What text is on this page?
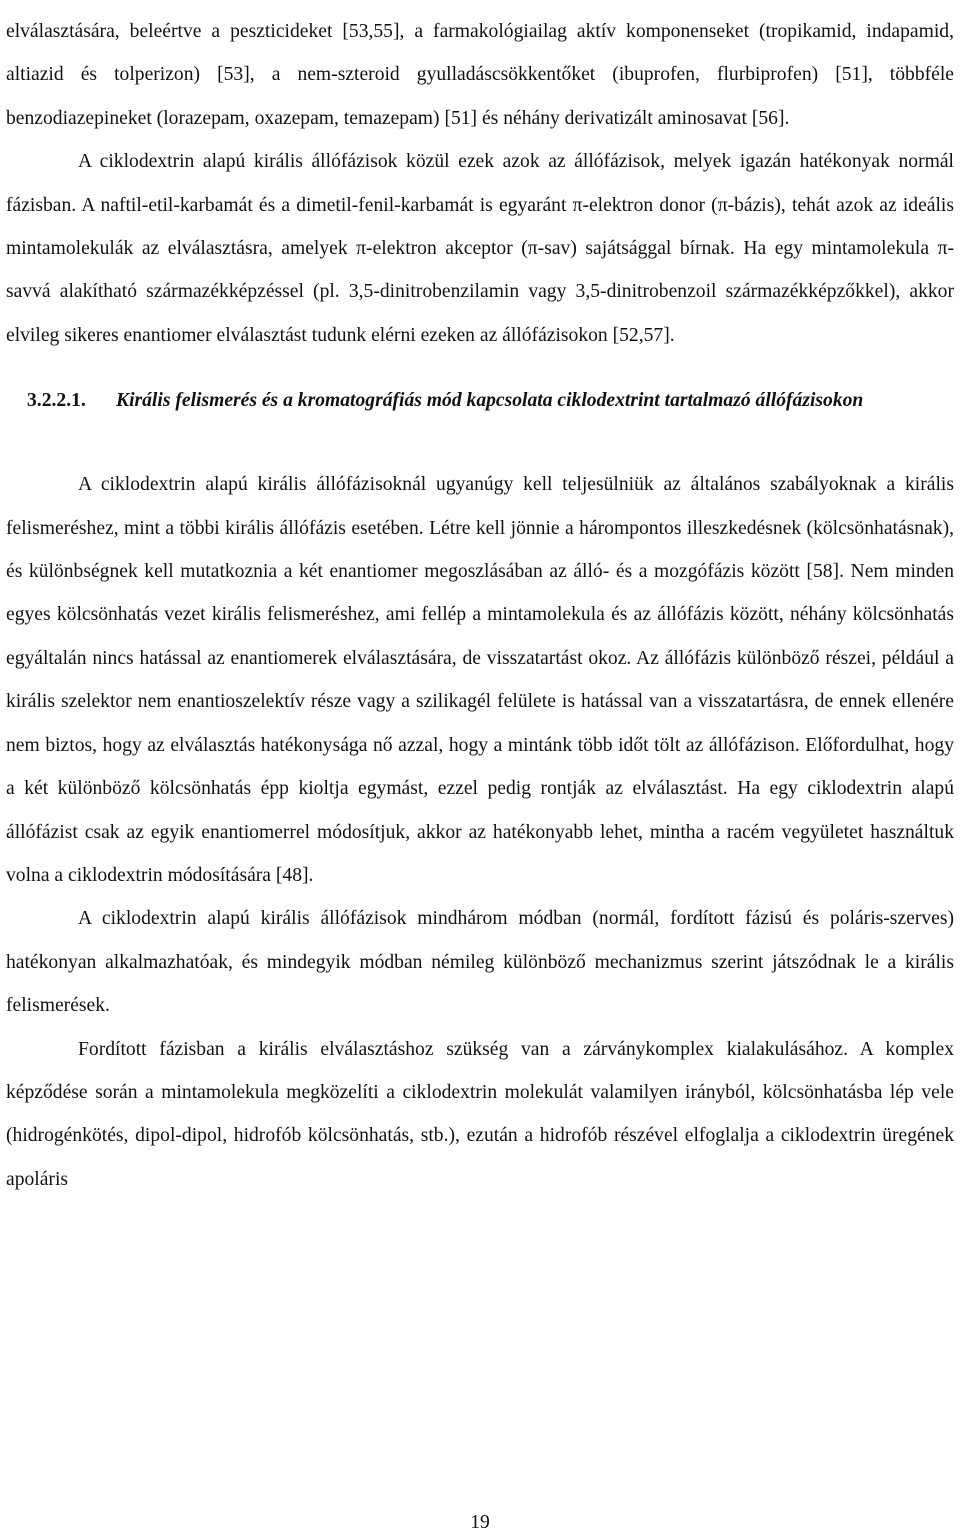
elválasztására, beleértve a peszticideket [53,55], a farmakológiailag aktív komponenseket (tropikamid, indapamid, altiazid és tolperizon) [53], a nem-szteroid gyulladáscsökkentőket (ibuprofen, flurbiprofen) [51], többféle benzodiazepineket (lorazepam, oxazepam, temazepam) [51] és néhány derivatizált aminosavat [56].

A ciklodextrin alapú királis állófázisok közül ezek azok az állófázisok, melyek igazán hatékonyak normál fázisban. A naftil-etil-karbamát és a dimetil-fenil-karbamát is egyaránt π-elektron donor (π-bázis), tehát azok az ideális mintamolekulák az elválasztásra, amelyek π-elektron akceptor (π-sav) sajátsággal bírnak. Ha egy mintamolekula π-savvá alakítható származékképzéssel (pl. 3,5-dinitrobenzilamin vagy 3,5-dinitrobenzoil származékképzőkkel), akkor elvileg sikeres enantiomer elválasztást tudunk elérni ezeken az állófázisokon [52,57].

3.2.2.1.	Királis felismerés és a kromatográfiás mód kapcsolata ciklodextrint tartalmazó állófázisokon

A ciklodextrin alapú királis állófázisoknál ugyanúgy kell teljesülniük az általános szabályoknak a királis felismeréshez, mint a többi királis állófázis esetében. Létre kell jönnie a hárompontos illeszkedésnek (kölcsönhatásnak), és különbségnek kell mutatkoznia a két enantiomer megoszlásában az álló- és a mozgófázis között [58]. Nem minden egyes kölcsönhatás vezet királis felismeréshez, ami fellép a mintamolekula és az állófázis között, néhány kölcsönhatás egyáltalán nincs hatással az enantiomerek elválasztására, de visszatartást okoz. Az állófázis különböző részei, például a királis szelektor nem enantioszelektív része vagy a szilikagél felülete is hatással van a visszatartásra, de ennek ellenére nem biztos, hogy az elválasztás hatékonysága nő azzal, hogy a mintánk több időt tölt az állófázison. Előfordulhat, hogy a két különböző kölcsönhatás épp kioltja egymást, ezzel pedig rontják az elválasztást. Ha egy ciklodextrin alapú állófázist csak az egyik enantiomerrel módosítjuk, akkor az hatékonyabb lehet, mintha a racém vegyületet használtuk volna a ciklodextrin módosítására [48].

A ciklodextrin alapú királis állófázisok mindhárom módban (normál, fordított fázisú és poláris-szerves) hatékonyan alkalmazhatóak, és mindegyik módban némileg különböző mechanizmus szerint játszódnak le a királis felismerések.

Fordított fázisban a királis elválasztáshoz szükség van a zárványkomplex kialakulásához. A komplex képződése során a mintamolekula megközelíti a ciklodextrin molekulát valamilyen irányból, kölcsönhatásba lép vele (hidrogénkötés, dipol-dipol, hidrofób kölcsönhatás, stb.), ezután a hidrofób részével elfoglalja a ciklodextrin üregének apoláris

19
